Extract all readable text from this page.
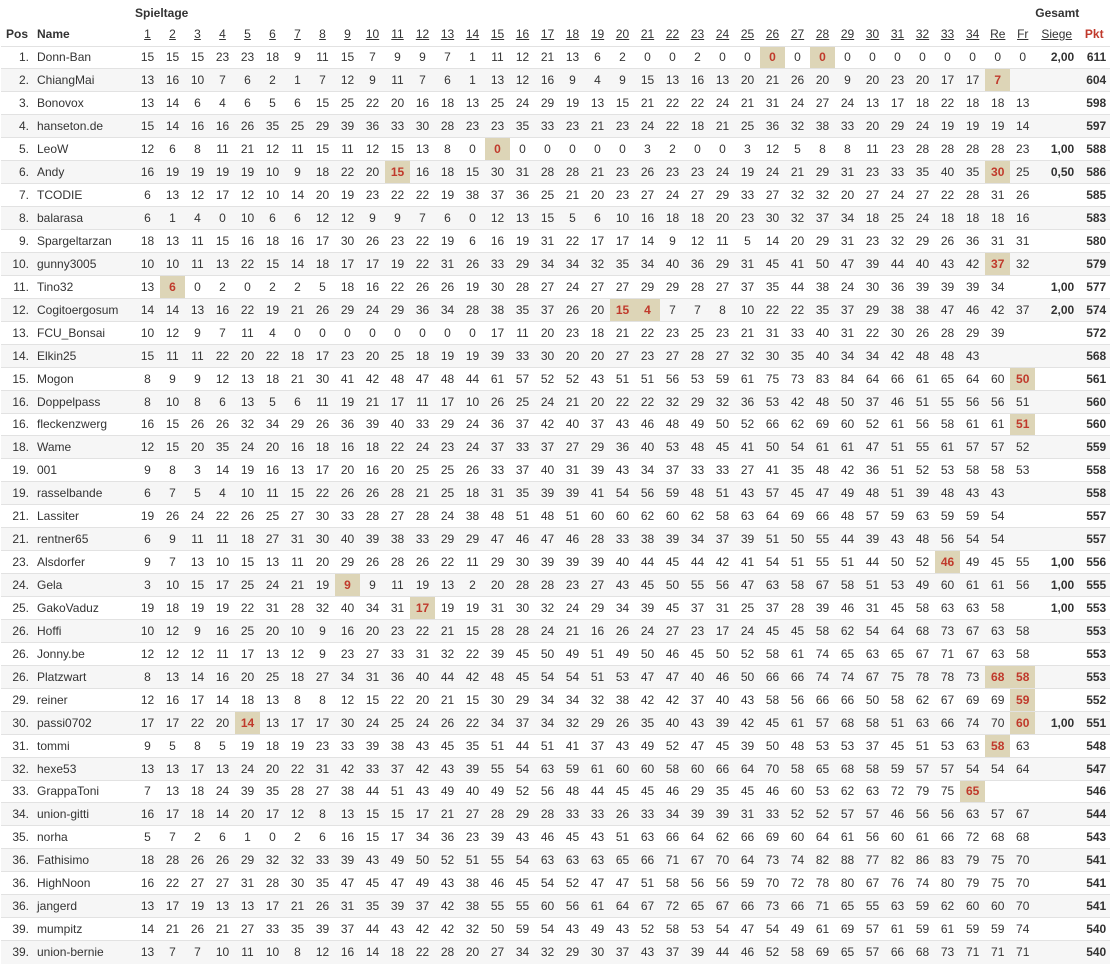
		Spieltage																																				Gesamt	
Pos	Name	1	2	3	4	5	6	7	8	9	10	11	12	13	14	15	16	17	18	19	20	21	22	23	24	25	26	27	28	29	30	31	32	33	34	Re	Fr	Siege	Pkt
1.	Donn-Ban	15	15	15	23	23	18	9	11	15	7	9	9	7	1	11	12	21	13	6	2	0	0	2	0	0	0	0	0	0	0	0	0	0	0	0	0	2,00	611
2.	ChiangMai	13	16	10	7	6	2	1	7	12	9	11	7	6	1	13	12	16	9	4	9	15	13	16	13	20	21	26	20	9	20	23	20	17	17	7			604
3.	Bonovox	13	14	6	4	6	5	6	15	25	22	20	16	18	13	25	24	29	19	13	15	21	22	22	24	21	31	24	27	24	13	17	18	22	18	18	13		598
4.	hanseton.de	15	14	16	16	26	35	25	29	39	36	33	30	28	23	23	35	33	23	21	23	24	22	18	21	25	36	32	38	33	20	29	24	19	19	19	14		597
5.	LeoW	12	6	8	11	21	12	11	15	11	12	15	13	8	0	0	0	0	0	0	0	3	2	0	0	3	12	5	8	8	11	23	28	28	28	28	23	1,00	588
6.	Andy	16	19	19	19	19	10	9	18	22	20	15	16	18	15	30	31	28	28	21	23	26	23	23	24	19	24	21	29	31	23	33	35	40	35	30	25	0,50	586
7.	TCODIE	6	13	12	17	12	10	14	20	19	23	22	22	19	38	37	36	25	21	20	23	27	24	27	29	33	27	32	32	20	27	24	27	22	28	31	26		585
8.	balarasa	6	1	4	0	10	6	6	12	12	9	9	7	6	0	12	13	15	5	6	10	16	18	18	20	23	30	32	37	34	18	25	24	18	18	18	16		583
9.	Spargeltarzan	18	13	11	15	16	18	16	17	30	26	23	22	19	6	16	19	31	22	17	17	14	9	12	11	5	14	20	29	31	23	32	29	26	36	31	31		580
10.	gunny3005	10	10	11	13	22	15	14	18	17	17	19	22	31	26	33	29	34	34	32	35	34	40	36	29	31	45	41	50	47	39	44	40	43	42	37	32		579
11.	Tino32	13	6	0	2	0	2	2	5	18	16	22	26	26	19	30	28	27	24	27	27	29	29	28	27	37	35	44	38	24	30	36	39	39	39	34		1,00	577
12.	Cogitoergosum	14	14	13	16	22	19	21	26	29	24	29	36	34	28	38	35	37	26	20	15	4	7	7	8	10	22	22	35	37	29	38	38	47	46	42	37	2,00	574
13.	FCU_Bonsai	10	12	9	7	11	4	0	0	0	0	0	0	0	0	17	11	20	23	18	21	22	23	25	23	21	31	33	40	31	22	30	26	28	29	39			572
14.	Elkin25	15	11	11	22	20	22	18	17	23	20	25	18	19	19	39	33	30	20	20	27	23	27	28	27	32	30	35	40	34	34	42	48	48	43				568
15.	Mogon	8	9	9	12	13	18	21	30	41	42	48	47	48	44	61	57	52	52	43	51	51	56	53	59	61	75	73	83	84	64	66	61	65	64	60	50		561
16.	Doppelpass	8	10	8	6	13	5	6	11	19	21	17	11	17	10	26	25	24	21	20	22	22	32	29	32	36	53	42	48	50	37	46	51	55	56	56	51		560
16.	fleckenzwerg	16	15	26	26	32	34	29	26	36	39	40	33	29	24	36	37	42	40	37	43	46	48	49	50	52	66	62	69	60	52	61	56	58	61	61	51		560
18.	Wame	12	15	20	35	24	20	16	18	16	18	22	24	23	24	37	33	37	27	29	36	40	53	48	45	41	50	54	61	61	47	51	55	61	57	57	52		559
19.	001	9	8	3	14	19	16	13	17	20	16	20	25	25	26	33	37	40	31	39	43	34	37	33	33	27	41	35	48	42	36	51	52	53	58	58	53		558
19.	rasselbande	6	7	5	4	10	11	15	22	26	26	28	21	25	18	31	35	39	39	41	54	56	59	48	51	43	57	45	47	49	48	51	39	48	43	43			558
21.	Lassiter	19	26	24	22	26	25	27	30	33	28	27	28	24	38	48	51	48	51	60	60	62	60	62	58	63	64	69	66	48	57	59	63	59	59	54			557
21.	rentner65	6	9	11	11	18	27	31	30	40	39	38	33	29	29	47	46	47	46	28	33	38	39	34	37	39	51	50	55	44	39	43	48	56	54	54			557
23.	Alsdorfer	9	7	13	10	15	13	11	20	29	26	28	26	22	11	29	30	39	39	39	40	44	45	44	42	41	54	51	55	51	44	50	52	46	49	45	55	1,00	556
24.	Gela	3	10	15	17	25	24	21	19	9	9	11	19	13	2	20	28	28	23	27	43	45	50	55	56	47	63	58	67	58	51	53	49	60	61	61	56	1,00	555
25.	GakoVaduz	19	18	19	19	22	31	28	32	40	34	31	17	19	19	31	30	32	24	29	34	39	45	37	31	25	37	28	39	46	31	45	58	63	63	58		1,00	553
26.	Hoffi	10	12	9	16	25	20	10	9	16	20	23	22	21	15	28	28	24	21	16	26	24	27	23	17	24	45	45	58	62	54	64	68	73	67	63	58		553
26.	Jonny.be	12	12	12	11	17	13	12	9	23	27	33	31	32	22	39	45	50	49	51	49	50	46	45	50	52	58	61	74	65	63	65	67	71	67	63	58		553
26.	Platzwart	8	13	14	16	20	25	18	27	34	31	36	40	44	42	48	45	54	54	51	53	47	47	40	46	50	66	66	74	74	67	75	78	78	73	68	58		553
29.	reiner	12	16	17	14	18	13	8	8	12	15	22	20	21	15	30	29	34	34	32	38	42	42	37	40	43	58	56	66	66	50	58	62	67	69	69	59		552
30.	passi0702	17	17	22	20	14	13	17	17	30	24	25	24	26	22	34	37	34	32	29	26	35	40	43	39	42	45	61	57	68	58	51	63	66	74	70	60	1,00	551
31.	tommi	9	5	8	5	19	18	19	23	33	39	38	43	45	35	51	44	51	41	37	43	49	52	47	45	39	50	48	53	53	37	45	51	53	63	58	63		548
32.	hexe53	13	13	17	13	24	20	22	31	42	33	37	42	43	39	55	54	63	59	61	60	60	58	60	66	64	70	58	65	68	58	59	57	57	54	54	64		547
33.	GrappaToni	7	13	18	24	39	35	28	27	38	44	51	43	49	40	49	52	56	48	44	45	45	46	29	35	45	46	60	53	62	63	72	79	75	65				546
34.	union-gitti	16	17	18	14	20	17	12	8	13	15	15	17	21	27	28	29	28	33	33	26	33	34	39	39	31	33	52	52	57	57	46	56	56	63	57	67		544
35.	norha	5	7	2	6	1	0	2	6	16	15	17	34	36	23	39	43	46	45	43	51	63	66	64	62	66	69	60	64	61	56	60	61	66	72	68	68		543
36.	Fathisimo	18	28	26	26	29	32	32	33	39	43	49	50	52	51	55	54	63	63	63	65	66	71	67	70	64	73	74	82	88	77	82	86	83	79	75	70		541
36.	HighNoon	16	22	27	27	31	28	30	35	47	45	47	49	43	38	46	45	54	52	47	47	51	58	56	56	59	70	72	78	80	67	76	74	80	79	75	70		541
36.	jangerd	13	17	19	13	13	17	21	26	31	35	39	37	42	38	55	55	60	56	61	64	67	72	65	67	66	73	66	71	65	55	63	59	62	60	60	70		541
39.	mumpitz	14	21	26	21	27	33	35	39	37	44	43	42	42	32	50	59	54	43	49	43	52	58	53	54	47	54	49	61	69	57	61	59	61	59	59	74		540
39.	union-bernie	13	7	7	10	11	10	8	12	16	14	18	22	28	20	27	34	32	29	30	37	43	37	39	44	46	52	58	69	65	57	66	68	73	71	71	71		540
